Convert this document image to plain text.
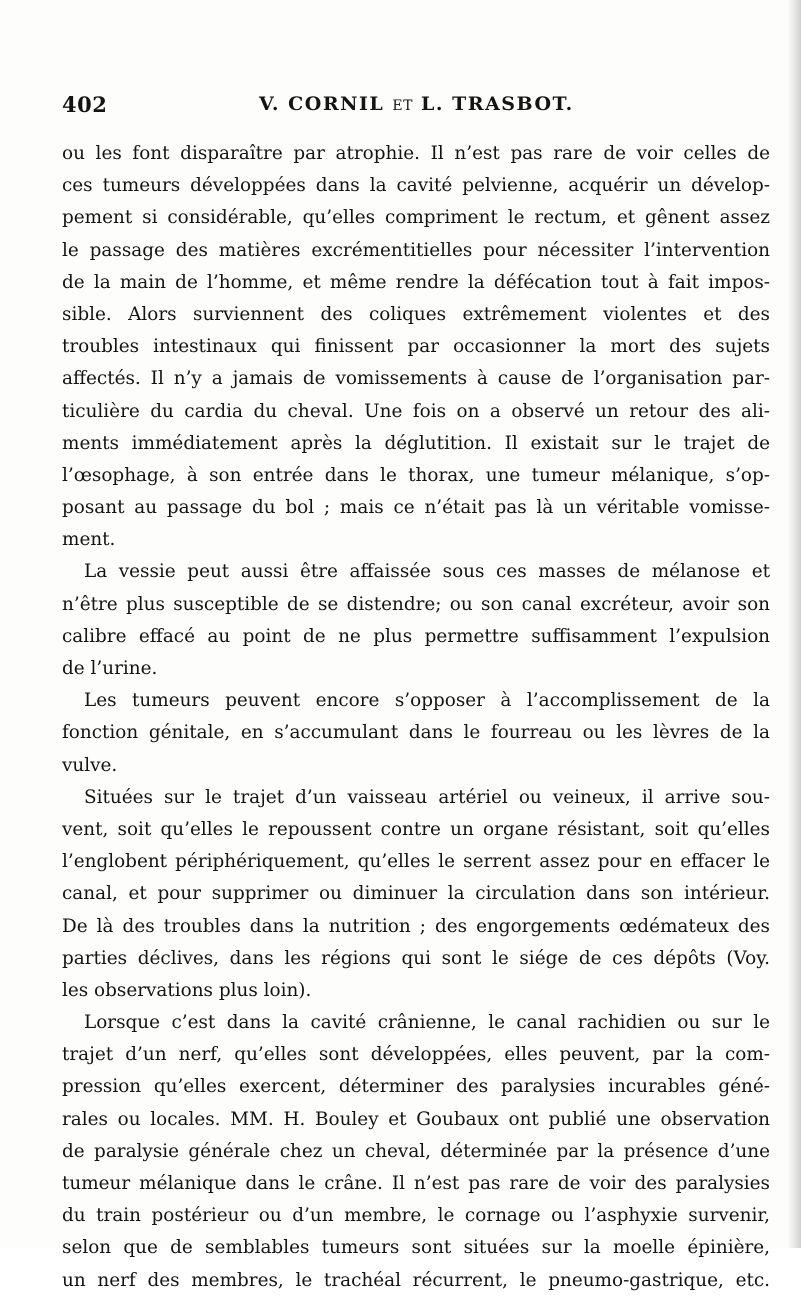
402	V. CORNIL ET L. TRASBOT.
ou les font disparaître par atrophie. Il n’est pas rare de voir celles de
ces tumeurs développées dans la cavité pelvienne, acquérir un dévelop-
pement si considérable, qu’elles compriment le rectum, et gênent assez
le passage des matières excrémentitielles pour nécessiter l’intervention
de la main de l’homme, et même rendre la défécation tout à fait impos-
sible. Alors surviennent des coliques extrêmement violentes et des
troubles intestinaux qui finissent par occasionner la mort des sujets
affectés. Il n’y a jamais de vomissements à cause de l’organisation par-
ticulière du cardia du cheval. Une fois on a observé un retour des ali-
ments immédiatement après la déglutition. Il existait sur le trajet de
l’œsophage, à son entrée dans le thorax, une tumeur mélanique, s’op-
posant au passage du bol ; mais ce n’était pas là un véritable vomisse-
ment.
La vessie peut aussi être affaissée sous ces masses de mélanose et
n’être plus susceptible de se distendre; ou son canal excréteur, avoir son
calibre effacé au point de ne plus permettre suffisamment l’expulsion
de l’urine.
Les tumeurs peuvent encore s’opposer à l’accomplissement de la
fonction génitale, en s’accumulant dans le fourreau ou les lèvres de la
vulve.
Situées sur le trajet d’un vaisseau artériel ou veineux, il arrive sou-
vent, soit qu’elles le repoussent contre un organe résistant, soit qu’elles
l’englobent périphériquement, qu’elles le serrent assez pour en effacer le
canal, et pour supprimer ou diminuer la circulation dans son intérieur.
De là des troubles dans la nutrition ; des engorgements œdémateux des
parties déclives, dans les régions qui sont le siége de ces dépôts (Voy.
les observations plus loin).
Lorsque c’est dans la cavité crânienne, le canal rachidien ou sur le
trajet d’un nerf, qu’elles sont développées, elles peuvent, par la com-
pression qu’elles exercent, déterminer des paralysies incurables géné-
rales ou locales. MM. H. Bouley et Goubaux ont publié une observation
de paralysie générale chez un cheval, déterminée par la présence d’une
tumeur mélanique dans le crâne. Il n’est pas rare de voir des paralysies
du train postérieur ou d’un membre, le cornage ou l’asphyxie survenir,
selon que de semblables tumeurs sont situées sur la moelle épinière,
un nerf des membres, le trachéal récurrent, le pneumo-gastrique, etc.
